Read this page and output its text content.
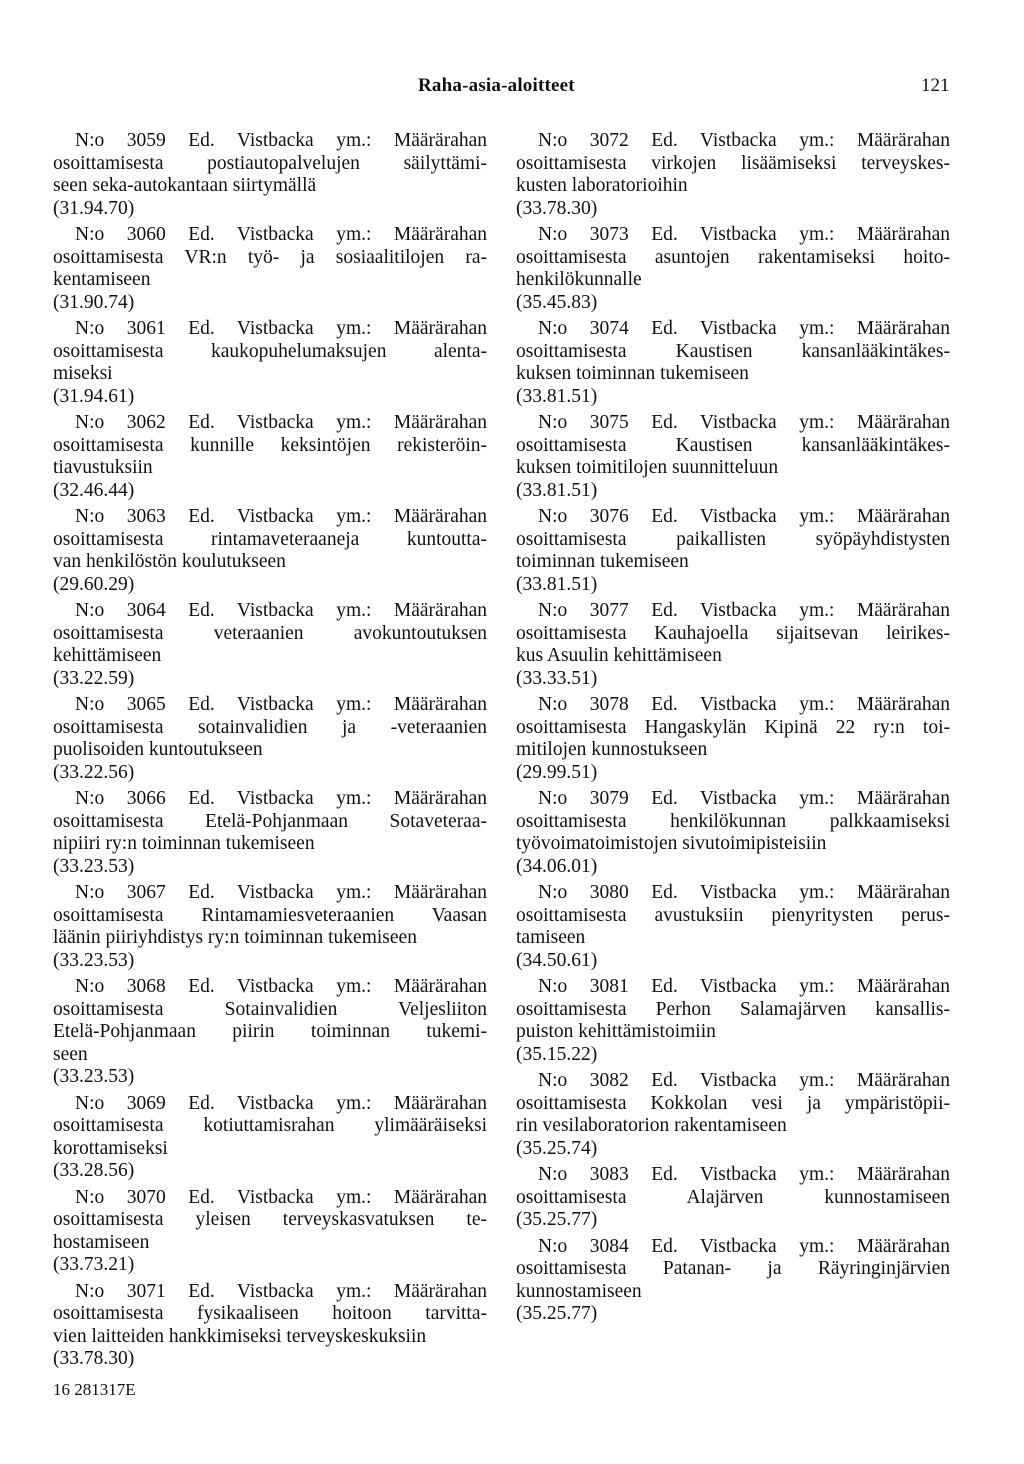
Raha-asia-aloitteet	121
N:o 3059 Ed. Vistbacka ym.: Määrärahan
osoittamisesta postiautopalvelujen säilyttämi-
seen seka-autokantaan siirtymällä
(31.94.70)
N:o 3060 Ed. Vistbacka ym.: Määrärahan
osoittamisesta VR:n työ- ja sosiaalitilojen ra-
kentamiseen
(31.90.74)
N:o 3061 Ed. Vistbacka ym.: Määrärahan
osoittamisesta kaukopuhelumaksujen alenta-
miseksi
(31.94.61)
N:o 3062 Ed. Vistbacka ym.: Määrärahan
osoittamisesta kunnille keksintöjen rekisteröin-
tiavustuksiin
(32.46.44)
N:o 3063 Ed. Vistbacka ym.: Määrärahan
osoittamisesta rintamaveteraaneja kuntoutta-
van henkilöstön koulutukseen
(29.60.29)
N:o 3064 Ed. Vistbacka ym.: Määrärahan
osoittamisesta veteraanien avokuntoutuksen
kehittämiseen
(33.22.59)
N:o 3065 Ed. Vistbacka ym.: Määrärahan
osoittamisesta sotainvalidien ja -veteraanien
puolisoiden kuntoutukseen
(33.22.56)
N:o 3066 Ed. Vistbacka ym.: Määrärahan
osoittamisesta Etelä-Pohjanmaan Sotaveteraa-
nipiiri ry:n toiminnan tukemiseen
(33.23.53)
N:o 3067 Ed. Vistbacka ym.: Määrärahan
osoittamisesta Rintamamiesveteraanien Vaasan
läänin piiriyhdistys ry:n toiminnan tukemiseen
(33.23.53)
N:o 3068 Ed. Vistbacka ym.: Määrärahan
osoittamisesta Sotainvalidien Veljesliiton
Etelä-Pohjanmaan piirin toiminnan tukemi-
seen
(33.23.53)
N:o 3069 Ed. Vistbacka ym.: Määrärahan
osoittamisesta kotiuttamisrahan ylimääräiseksi
korottamiseksi
(33.28.56)
N:o 3070 Ed. Vistbacka ym.: Määrärahan
osoittamisesta yleisen terveyskasvatuksen te-
hostamiseen
(33.73.21)
N:o 3071 Ed. Vistbacka ym.: Määrärahan
osoittamisesta fysikaaliseen hoitoon tarvitta-
vien laitteiden hankkimiseksi terveyskeskuksiin
(33.78.30)
N:o 3072 Ed. Vistbacka ym.: Määrärahan
osoittamisesta virkojen lisäämiseksi terveyskes-
kusten laboratorioihin
(33.78.30)
N:o 3073 Ed. Vistbacka ym.: Määrärahan
osoittamisesta asuntojen rakentamiseksi hoito-
henkilökunnalle
(35.45.83)
N:o 3074 Ed. Vistbacka ym.: Määrärahan
osoittamisesta Kaustisen kansanlääkintäkes-
kuksen toiminnan tukemiseen
(33.81.51)
N:o 3075 Ed. Vistbacka ym.: Määrärahan
osoittamisesta Kaustisen kansanlääkintäkes-
kuksen toimitilojen suunnitteluun
(33.81.51)
N:o 3076 Ed. Vistbacka ym.: Määrärahan
osoittamisesta paikallisten syöpäyhdistysten
toiminnan tukemiseen
(33.81.51)
N:o 3077 Ed. Vistbacka ym.: Määrärahan
osoittamisesta Kauhajoella sijaitsevan leirikes-
kus Asuulin kehittämiseen
(33.33.51)
N:o 3078 Ed. Vistbacka ym.: Määrärahan
osoittamisesta Hangaskylän Kipinä 22 ry:n toi-
mitilojen kunnostukseen
(29.99.51)
N:o 3079 Ed. Vistbacka ym.: Määrärahan
osoittamisesta henkilökunnan palkkaamiseksi
työvoimatoimistojen sivutoimipisteisiin
(34.06.01)
N:o 3080 Ed. Vistbacka ym.: Määrärahan
osoittamisesta avustuksiin pienyritysten perus-
tamiseen
(34.50.61)
N:o 3081 Ed. Vistbacka ym.: Määrärahan
osoittamisesta Perhon Salamajärven kansallis-
puiston kehittämistoimiin
(35.15.22)
N:o 3082 Ed. Vistbacka ym.: Määrärahan
osoittamisesta Kokkolan vesi ja ympäristöpii-
rin vesilaboratorion rakentamiseen
(35.25.74)
N:o 3083 Ed. Vistbacka ym.: Määrärahan
osoittamisesta Alajärven kunnostamiseen
(35.25.77)
N:o 3084 Ed. Vistbacka ym.: Määrärahan
osoittamisesta Patanan- ja Räyringinjärvien
kunnostamiseen
(35.25.77)
16 281317E
